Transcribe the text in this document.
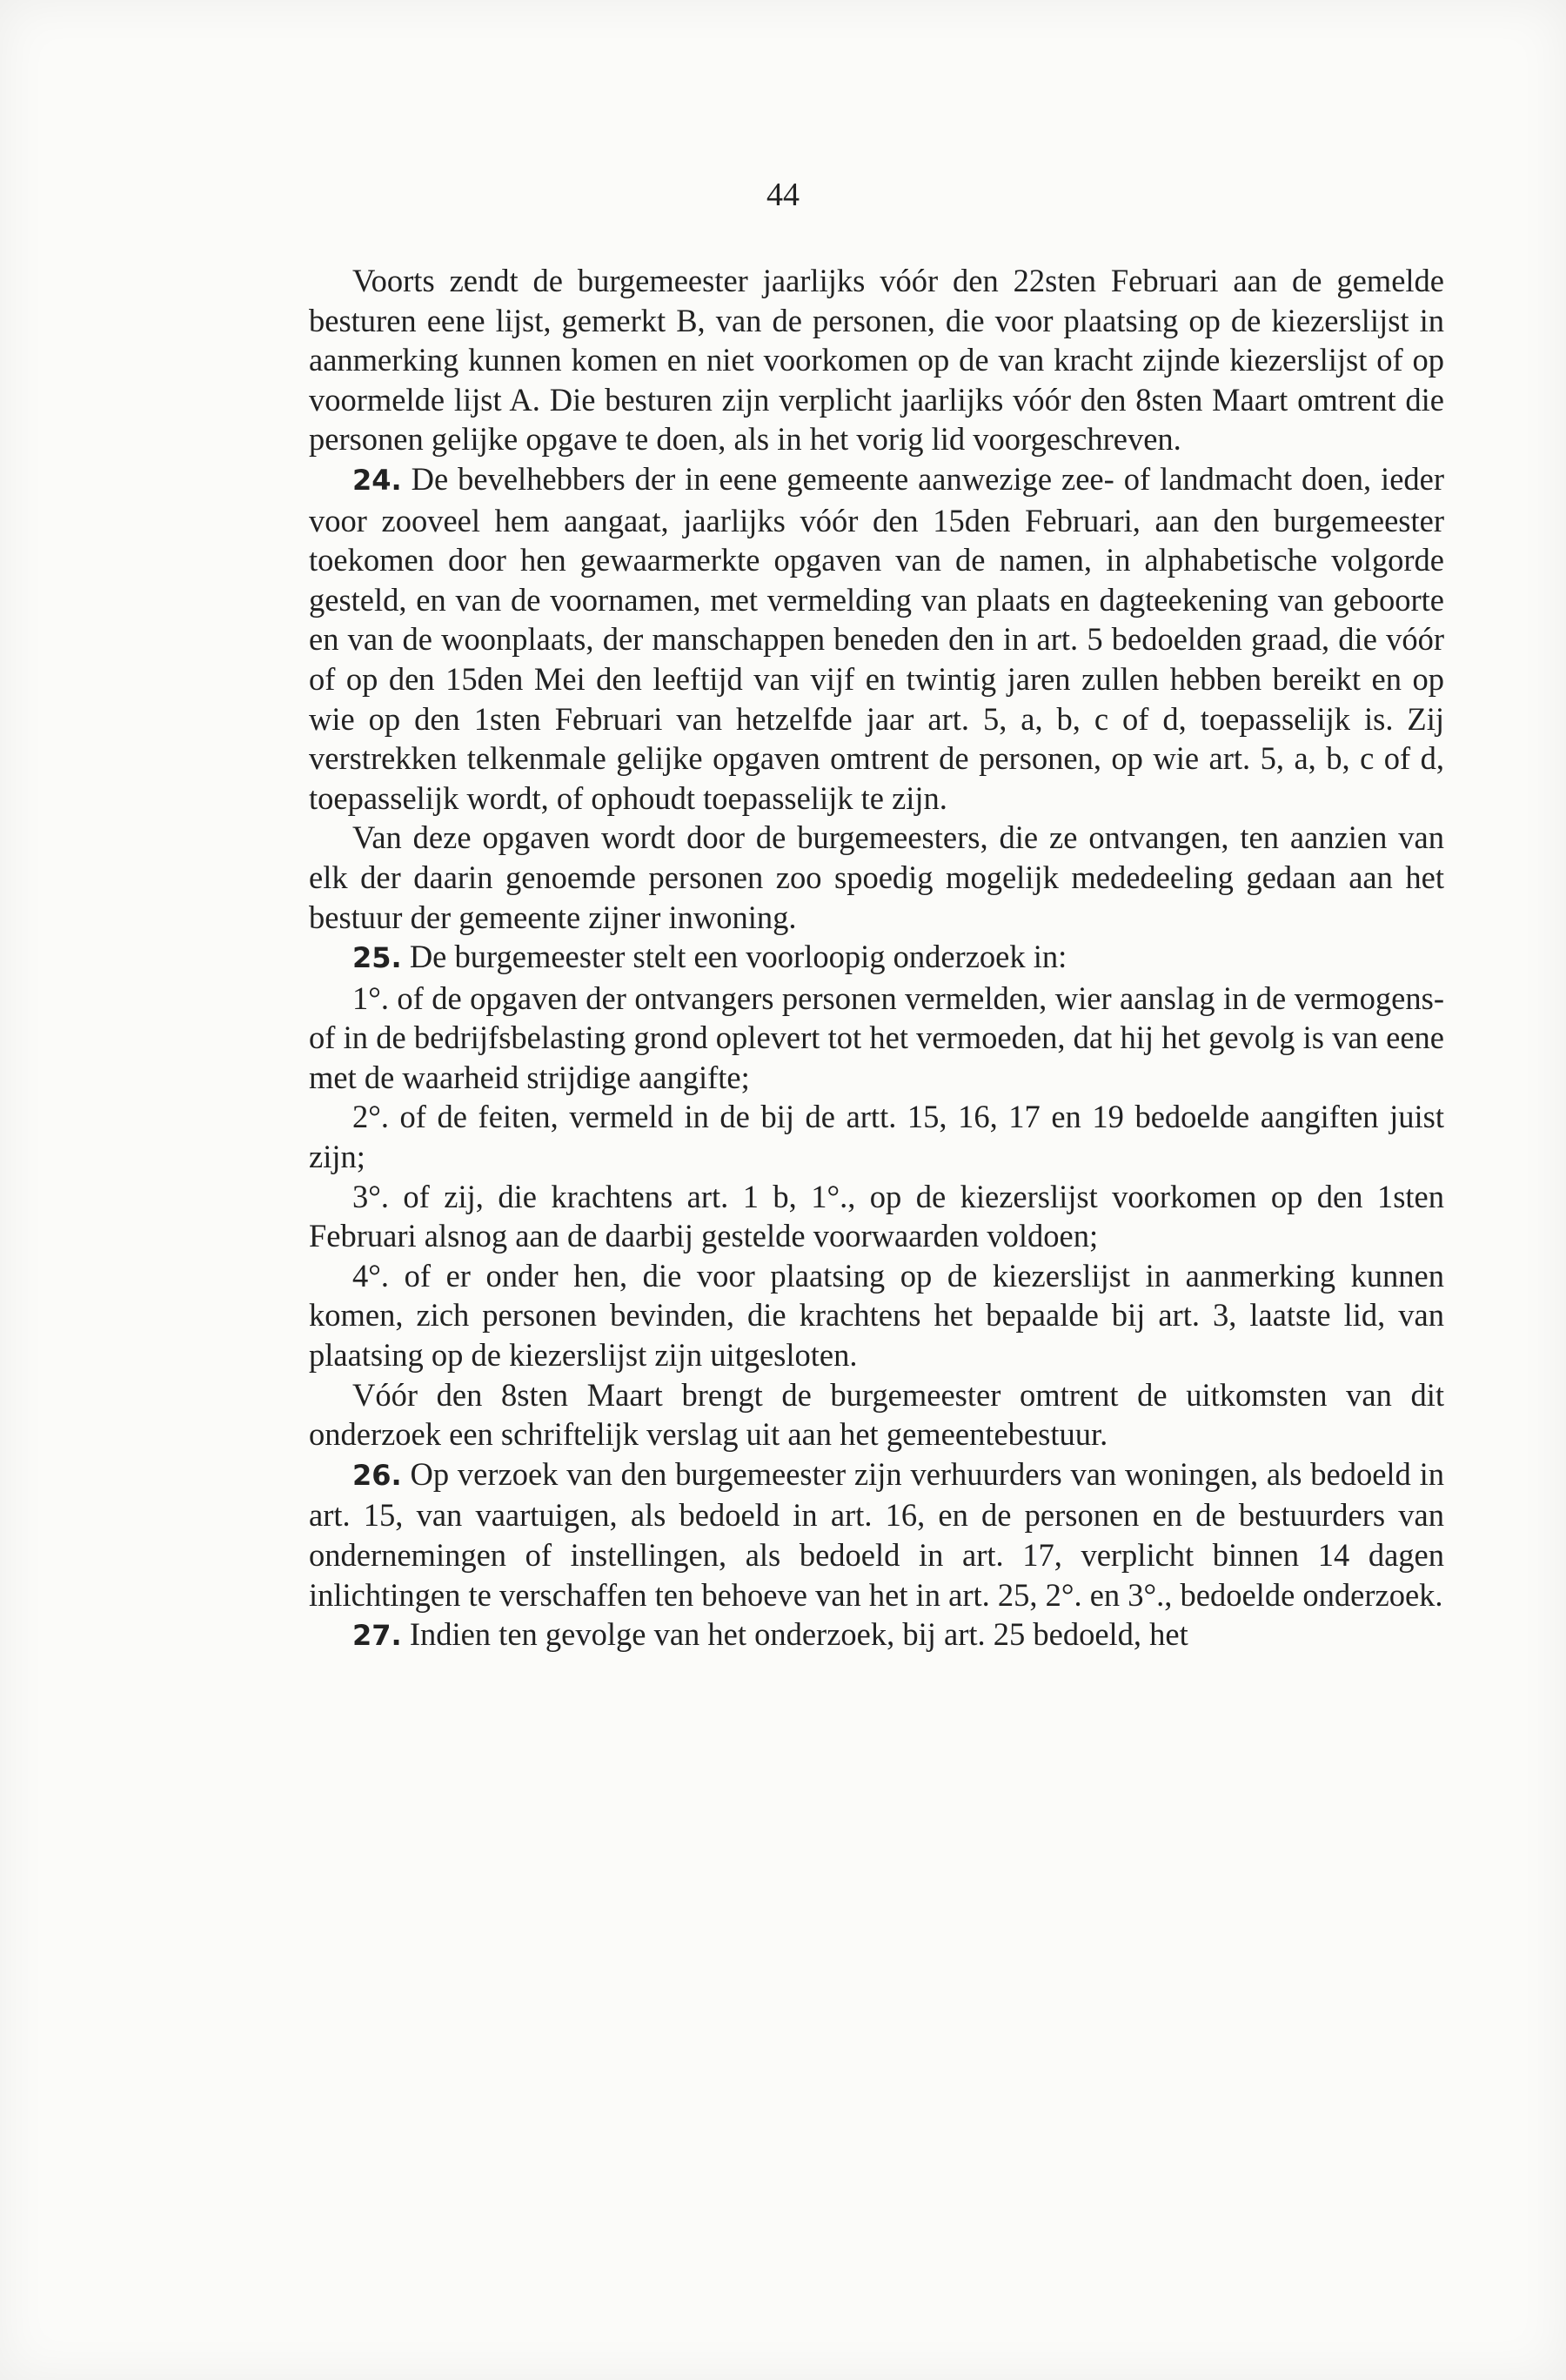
44

Voorts zendt de burgemeester jaarlijks vóór den 22sten Februari aan de gemelde besturen eene lijst, gemerkt B, van de personen, die voor plaatsing op de kiezerslijst in aanmerking kunnen komen en niet voorkomen op de van kracht zijnde kiezerslijst of op voormelde lijst A. Die besturen zijn verplicht jaarlijks vóór den 8sten Maart omtrent die personen gelijke opgave te doen, als in het vorig lid voorgeschreven.

24. De bevelhebbers der in eene gemeente aanwezige zee- of landmacht doen, ieder voor zooveel hem aangaat, jaarlijks vóór den 15den Februari, aan den burgemeester toekomen door hen gewaarmerkte opgaven van de namen, in alphabetische volgorde gesteld, en van de voornamen, met vermelding van plaats en dagteekening van geboorte en van de woonplaats, der manschappen beneden den in art. 5 bedoelden graad, die vóór of op den 15den Mei den leeftijd van vijf en twintig jaren zullen hebben bereikt en op wie op den 1sten Februari van hetzelfde jaar art. 5, a, b, c of d, toepasselijk is. Zij verstrekken telkenmale gelijke opgaven omtrent de personen, op wie art. 5, a, b, c of d, toepasselijk wordt, of ophoudt toepasselijk te zijn.

Van deze opgaven wordt door de burgemeesters, die ze ontvangen, ten aanzien van elk der daarin genoemde personen zoo spoedig mogelijk mededeeling gedaan aan het bestuur der gemeente zijner inwoning.

25. De burgemeester stelt een voorloopig onderzoek in:

1°. of de opgaven der ontvangers personen vermelden, wier aanslag in de vermogens- of in de bedrijfsbelasting grond oplevert tot het vermoeden, dat hij het gevolg is van eene met de waarheid strijdige aangifte;

2°. of de feiten, vermeld in de bij de artt. 15, 16, 17 en 19 bedoelde aangiften juist zijn;

3°. of zij, die krachtens art. 1 b, 1°., op de kiezerslijst voorkomen op den 1sten Februari alsnog aan de daarbij gestelde voorwaarden voldoen;

4°. of er onder hen, die voor plaatsing op de kiezerslijst in aanmerking kunnen komen, zich personen bevinden, die krachtens het bepaalde bij art. 3, laatste lid, van plaatsing op de kiezerslijst zijn uitgesloten.

Vóór den 8sten Maart brengt de burgemeester omtrent de uitkomsten van dit onderzoek een schriftelijk verslag uit aan het gemeentebestuur.

26. Op verzoek van den burgemeester zijn verhuurders van woningen, als bedoeld in art. 15, van vaartuigen, als bedoeld in art. 16, en de personen en de bestuurders van ondernemingen of instellingen, als bedoeld in art. 17, verplicht binnen 14 dagen inlichtingen te verschaffen ten behoeve van het in art. 25, 2°. en 3°., bedoelde onderzoek.

27. Indien ten gevolge van het onderzoek, bij art. 25 bedoeld, het
